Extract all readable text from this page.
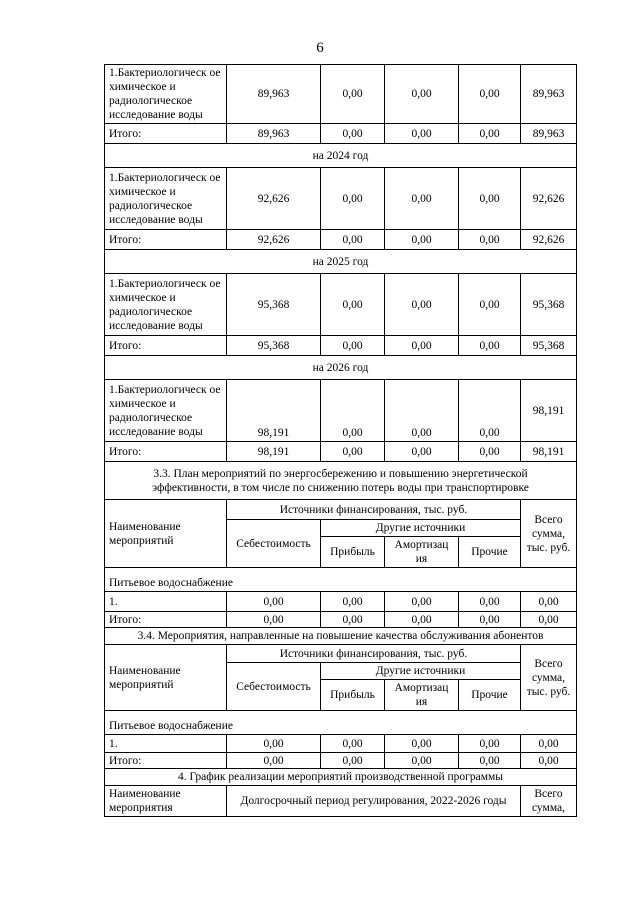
6
1.Бактериологическ ое химическое и радиологическое исследование воды	89,963	0,00	0,00	0,00	89,963
Итого:	89,963	0,00	0,00	0,00	89,963
на 2024 год					
1.Бактериологическ ое химическое и радиологическое исследование воды	92,626	0,00	0,00	0,00	92,626
Итого:	92,626	0,00	0,00	0,00	92,626
на 2025 год					
1.Бактериологическ ое химическое и радиологическое исследование воды	95,368	0,00	0,00	0,00	95,368
Итого:	95,368	0,00	0,00	0,00	95,368
на 2026 год					
1.Бактериологическ ое химическое и радиологическое исследование воды	98,191	0,00	0,00	0,00	98,191
Итого:	98,191	0,00	0,00	0,00	98,191
3.3. План мероприятий по энергосбережению и повышению энергетической эффективности, в том числе по снижению потерь воды при транспортировке					
Наименование мероприятий	Источники финансирования, тыс. руб.				Всего сумма, тыс. руб.
	Себестоимость	Другие источники			
		Прибыль	Амортизац ия	Прочие	
Питьевое водоснабжение					
1.	0,00	0,00	0,00	0,00	0,00
Итого:	0,00	0,00	0,00	0,00	0,00
3.4. Мероприятия, направленные на повышение качества обслуживания абонентов					
Наименование мероприятий	Источники финансирования, тыс. руб.				Всего сумма, тыс. руб.
	Себестоимость	Другие источники			
		Прибыль	Амортизац ия	Прочие	
Питьевое водоснабжение					
1.	0,00	0,00	0,00	0,00	0,00
Итого:	0,00	0,00	0,00	0,00	0,00
4. График реализации мероприятий производственной программы					
Наименование мероприятия	Долгосрочный период регулирования, 2022-2026 годы				Всего сумма,
